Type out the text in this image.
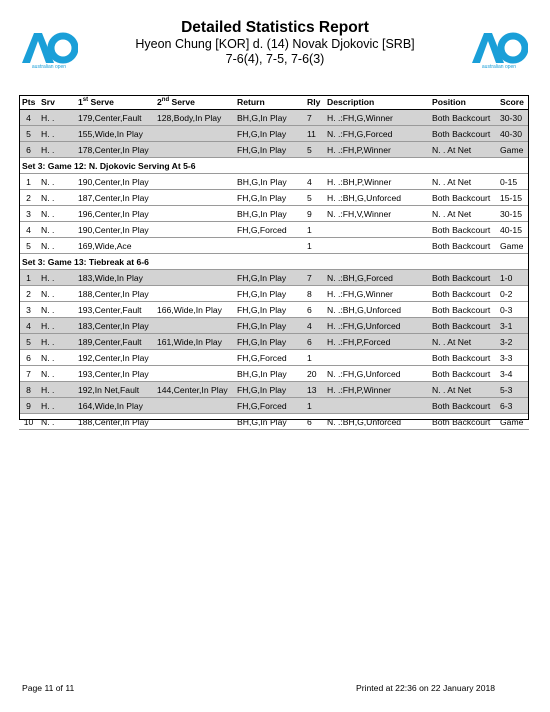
Detailed Statistics Report
Hyeon Chung [KOR] d. (14) Novak Djokovic [SRB]
7-6(4), 7-5, 7-6(3)
australian open	australian open
Pts	Srv	1st Serve	2nd Serve	Return	Rly	Description	Position	Score
4	H. .	179,Center,Fault	128,Body,In Play	BH,G,In Play	7	H. .:FH,G,Winner	Both Backcourt	30-30
5	H. .	155,Wide,In Play		FH,G,In Play	11	N. .:FH,G,Forced	Both Backcourt	40-30
6	H. .	178,Center,In Play		FH,G,In Play	5	H. .:FH,P,Winner	N. . At Net	Game
Set 3: Game 12: N. Djokovic Serving At 5-6								
1	N. .	190,Center,In Play		BH,G,In Play	4	H. .:BH,P,Winner	N. . At Net	0-15
2	N. .	187,Center,In Play		FH,G,In Play	5	H. .:BH,G,Unforced	Both Backcourt	15-15
3	N. .	196,Center,In Play		BH,G,In Play	9	N. .:FH,V,Winner	N. . At Net	30-15
4	N. .	190,Center,In Play		FH,G,Forced	1		Both Backcourt	40-15
5	N. .	169,Wide,Ace			1		Both Backcourt	Game
Set 3: Game 13: Tiebreak at 6-6								
1	H. .	183,Wide,In Play		FH,G,In Play	7	N. .:BH,G,Forced	Both Backcourt	1-0
2	N. .	188,Center,In Play		FH,G,In Play	8	H. .:FH,G,Winner	Both Backcourt	0-2
3	N. .	193,Center,Fault	166,Wide,In Play	FH,G,In Play	6	N. .:BH,G,Unforced	Both Backcourt	0-3
4	H. .	183,Center,In Play		FH,G,In Play	4	H. .:FH,G,Unforced	Both Backcourt	3-1
5	H. .	189,Center,Fault	161,Wide,In Play	FH,G,In Play	6	H. .:FH,P,Forced	N. . At Net	3-2
6	N. .	192,Center,In Play		FH,G,Forced	1		Both Backcourt	3-3
7	N. .	193,Center,In Play		BH,G,In Play	20	N. .:FH,G,Unforced	Both Backcourt	3-4
8	H. .	192,In Net,Fault	144,Center,In Play	FH,G,In Play	13	H. .:FH,P,Winner	N. . At Net	5-3
9	H. .	164,Wide,In Play		FH,G,Forced	1		Both Backcourt	6-3
10	N. .	188,Center,In Play		BH,G,In Play	6	N. .:BH,G,Unforced	Both Backcourt	Game
Page 11 of 11	Printed at 22:36 on 22 January 2018
